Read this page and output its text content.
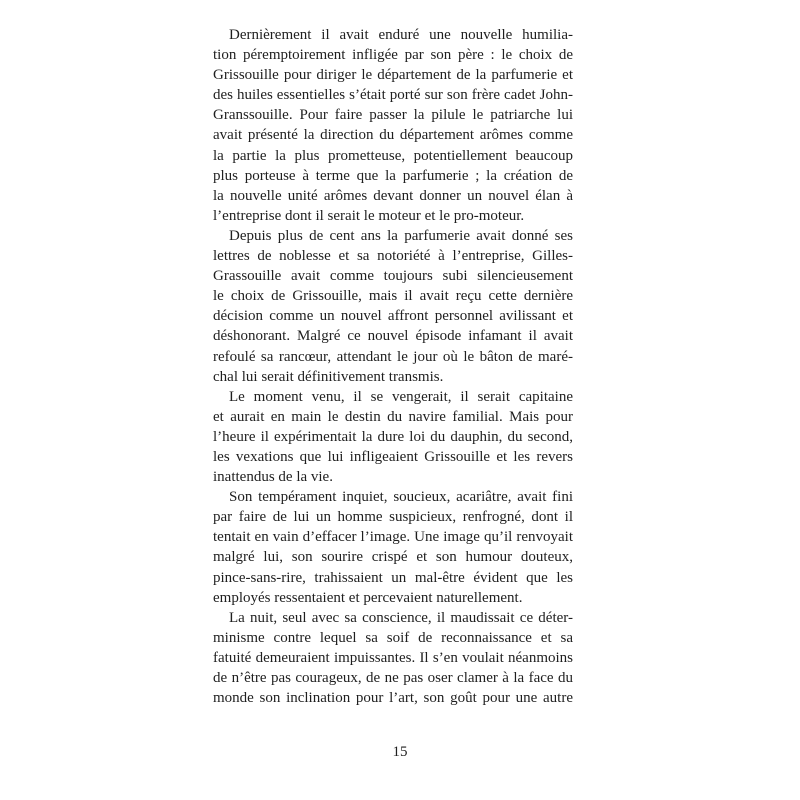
Dernièrement il avait enduré une nouvelle humilia-
tion péremptoirement infligée par son père : le choix de
Grissouille pour diriger le département de la parfumerie et
des huiles essentielles s’était porté sur son frère cadet John-
Granssouille. Pour faire passer la pilule le patriarche lui
avait présenté la direction du département arômes comme
la partie la plus prometteuse, potentiellement beaucoup
plus porteuse à terme que la parfumerie ; la création de
la nouvelle unité arômes devant donner un nouvel élan à
l’entreprise dont il serait le moteur et le pro-moteur.

Depuis plus de cent ans la parfumerie avait donné ses
lettres de noblesse et sa notoriété à l’entreprise, Gilles-
Grassouille avait comme toujours subi silencieusement
le choix de Grissouille, mais il avait reçu cette dernière
décision comme un nouvel affront personnel avilissant et
déshonorant. Malgré ce nouvel épisode infamant il avait
refoulé sa rancœur, attendant le jour où le bâton de maré-
chal lui serait définitivement transmis.

Le moment venu, il se vengerait, il serait capitaine
et aurait en main le destin du navire familial. Mais pour
l’heure il expérimentait la dure loi du dauphin, du second,
les vexations que lui infligeaient Grissouille et les revers
inattendus de la vie.

Son tempérament inquiet, soucieux, acariâtre, avait fini
par faire de lui un homme suspicieux, renfrogné, dont il
tentait en vain d’effacer l’image. Une image qu’il renvoyait
malgré lui, son sourire crispé et son humour douteux,
pince-sans-rire, trahissaient un mal-être évident que les
employés ressentaient et percevaient naturellement.

La nuit, seul avec sa conscience, il maudissait ce déter-
minisme contre lequel sa soif de reconnaissance et sa
fatuité demeuraient impuissantes. Il s’en voulait néanmoins
de n’être pas courageux, de ne pas oser clamer à la face du
monde son inclination pour l’art, son goût pour une autre

15
